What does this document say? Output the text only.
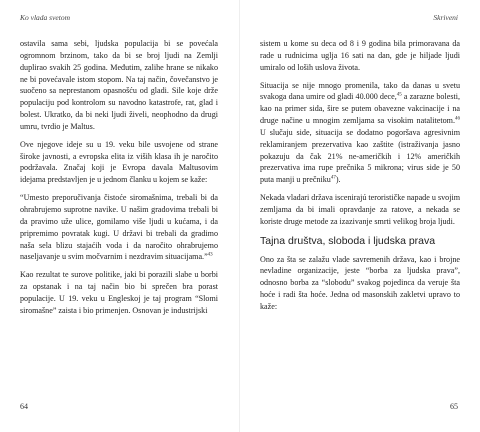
Ko vlada svetom

ostavila sama sebi, ljudska populacija bi se povećala ogromnom brzinom, tako da bi se broj ljudi na Zemlji duplirao svakih 25 godina. Međutim, zalihe hrane se nikako ne bi povećavale istom stopom. Na taj način, čovečanstvo je suočeno sa neprestanom opasnošću od gladi. Sile koje drže populaciju pod kontrolom su navodno katastrofe, rat, glad i bolest. Ukratko, da bi neki ljudi živeli, neophodno da drugi umru, tvrdio je Maltus.

Ove njegove ideje su u 19. veku bile usvojene od strane široke javnosti, a evropska elita iz viših klasa ih je naročito podržavala. Značaj koji je Evropa davala Maltusovim idejama predstavljen je u jednom članku u kojem se kaže:

“Umesto preporučivanja čistoće siromašnima, trebali bi da ohrabrujemo suprotne navike. U našim gradovima trebali bi da pravimo uže ulice, gomilamo više ljudi u kućama, i da pripremimo povratak kugi. U državi bi trebali da gradimo naša sela blizu stajaćih voda i da naročito ohrabrujemo naseljavanje u svim močvarnim i nezdravim situacijama.”$^{43}$

Kao rezultat te surove politike, jaki bi porazili slabe u borbi za opstanak i na taj način bio bi sprečen bra porast populacije. U 19. veku u Engleskoj je taj program “Slomi siromašne” zaista i bio primenjen. Osnovan je industrijski

64
Skriveni

sistem u kome su deca od 8 i 9 godina bila primoravana da rade u rudnicima uglja 16 sati na dan, gde je hiljade ljudi umiralo od loših uslova života.

Situacija se nije mnogo promenila, tako da danas u svetu svakoga dana umire od gladi 40.000 dece,$^{45}$ a zarazne bolesti, kao na primer sida, šire se putem obavezne vakcinacije i na druge načine u mnogim zemljama sa visokim natalitetom.$^{46}$ U slučaju side, situacija se dodatno pogoršava agresivnim reklamiranjem prezervativa kao zaštite (istraživanja jasno pokazuju da čak 21% ne-američkih i 12% američkih prezervativa ima rupe prečnika 5 mikrona; virus side je 50 puta manji u prečniku$^{47}$).

Nekada vladari država iscenirajú terorističke napade u svojim zemljama da bi imali opravdanje za ratove, a nekada se koriste druge metode za izazivanje smrti velikog broja ljudi.

Tajna društva, sloboda i ljudska prava

Ono za šta se zalažu vlade savremenih država, kao i brojne nevladine organizacije, jeste “borba za ljudska prava”, odnosno borba za “slobodu” svakog pojedinca da veruje šta hoće i radi šta hoće. Jedna od masonskih zakletvi upravo to kaže:

65
